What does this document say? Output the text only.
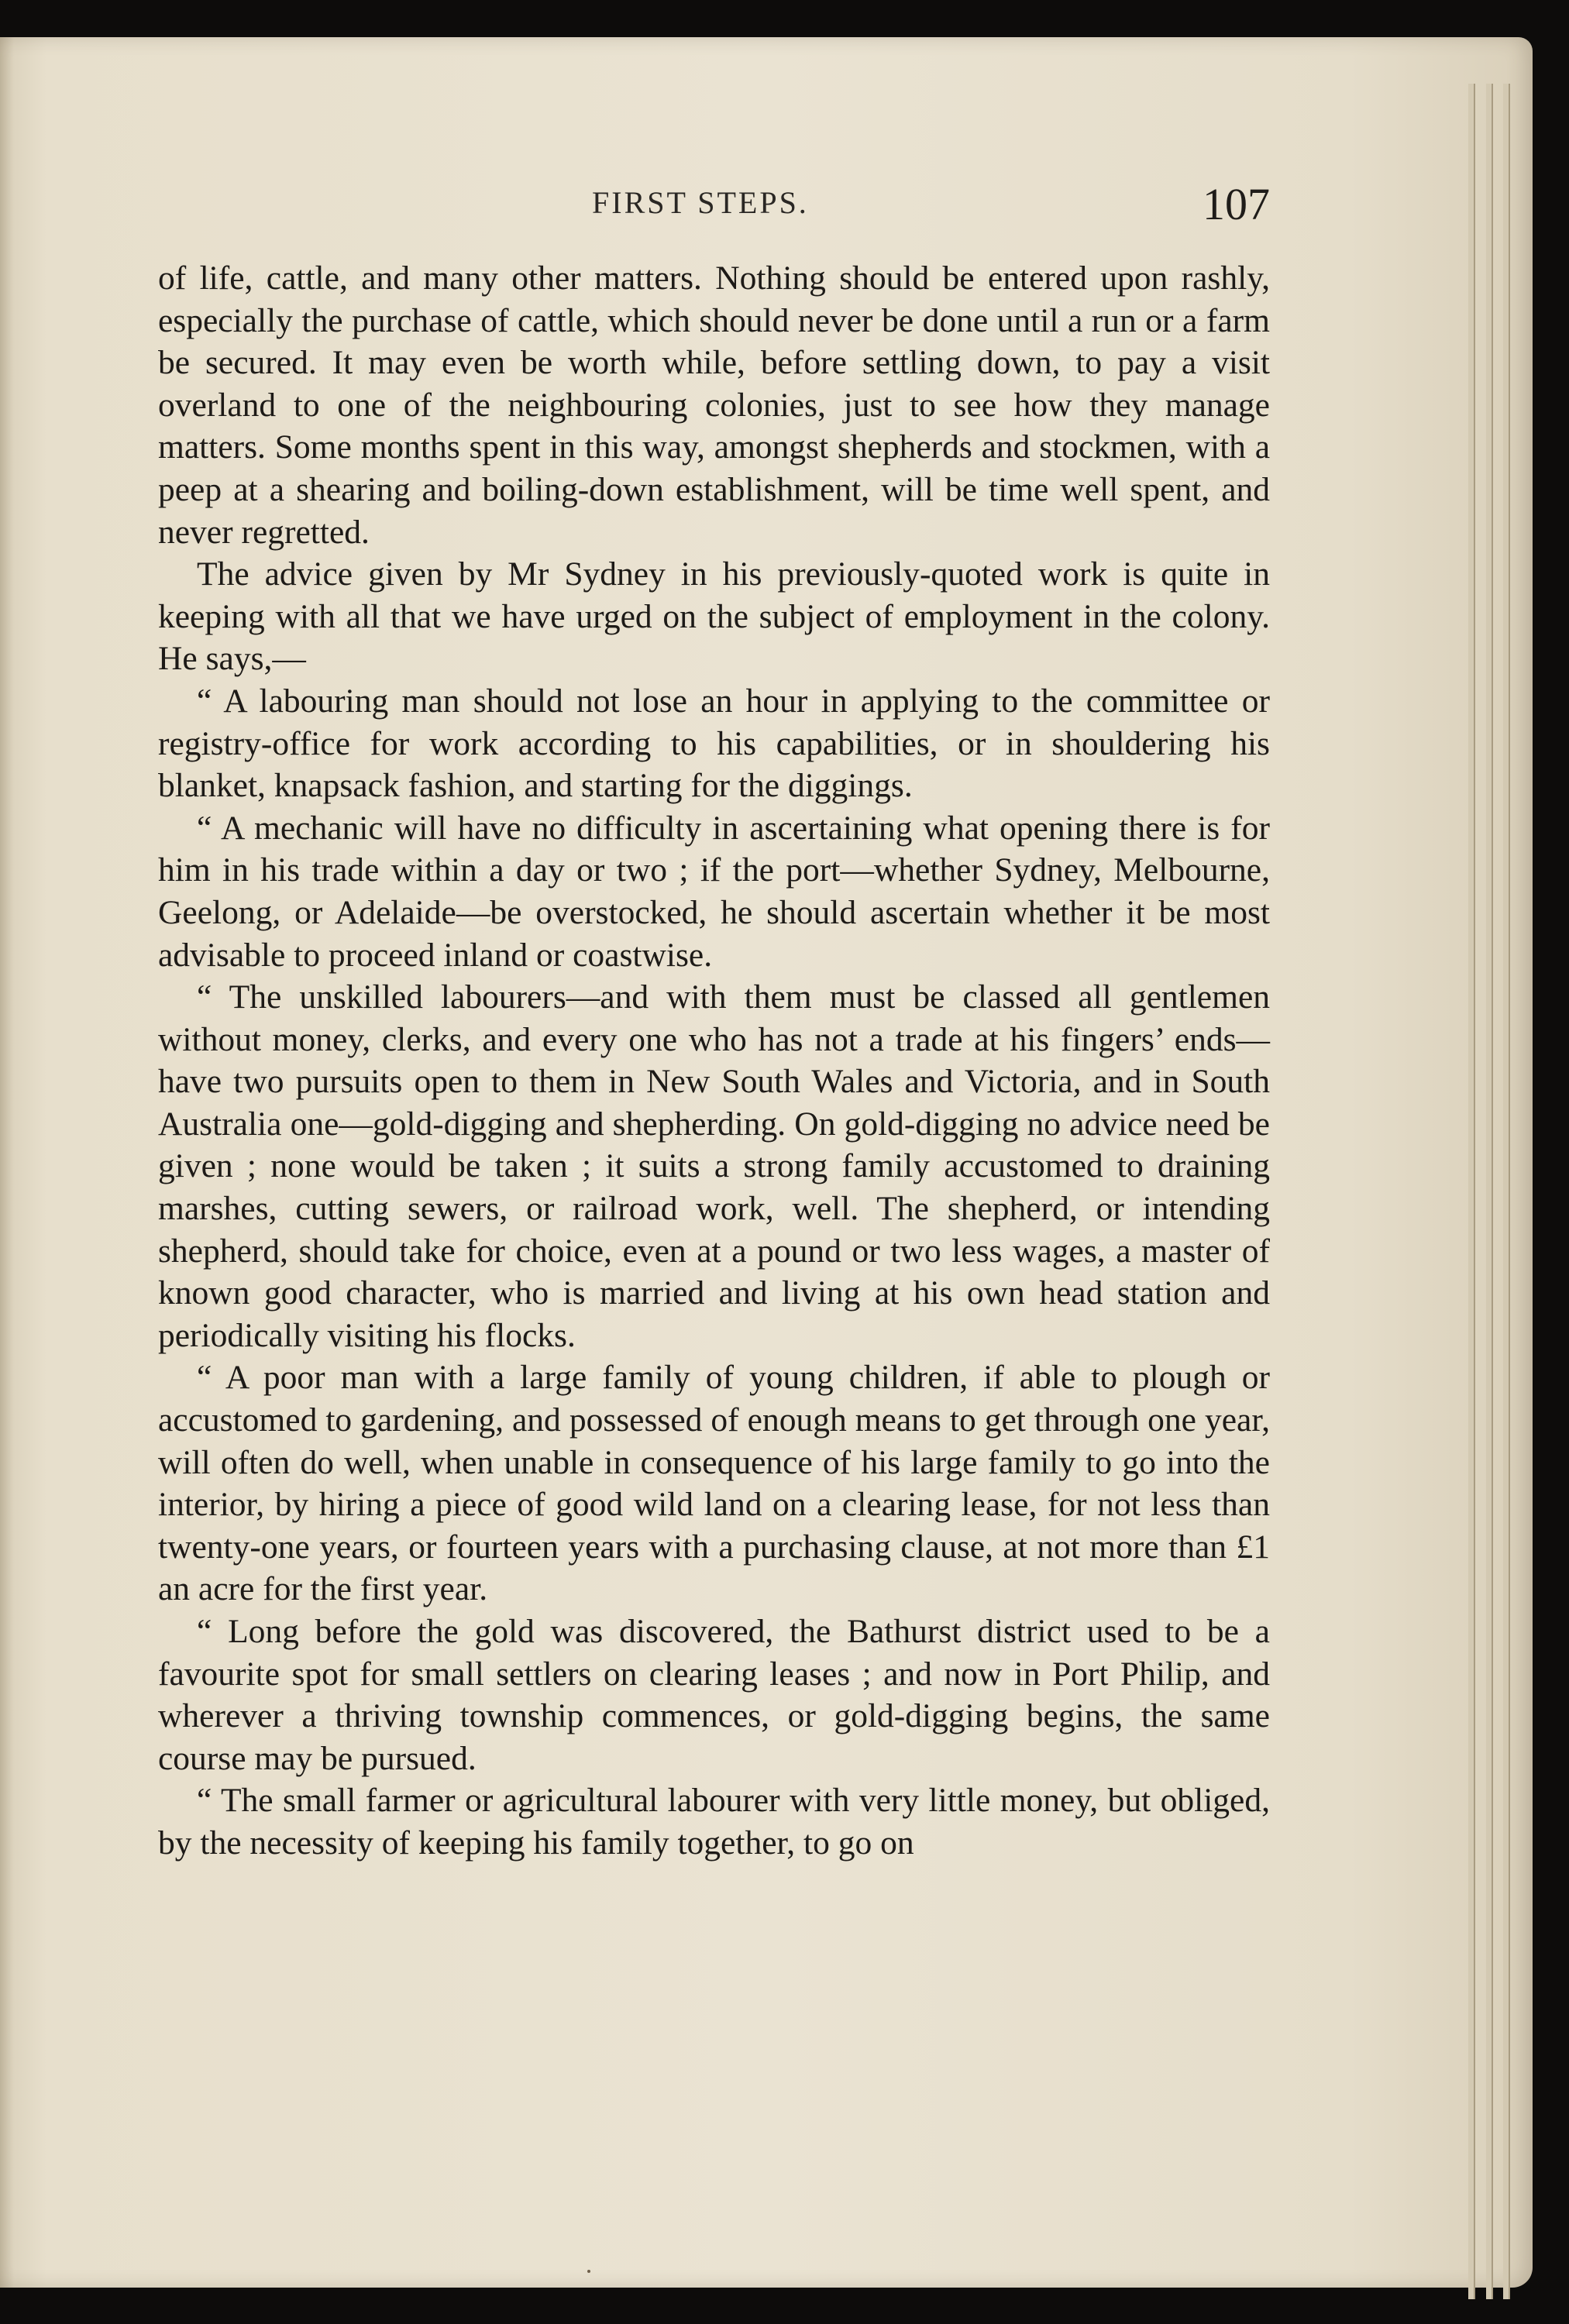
FIRST STEPS.	107

of life, cattle, and many other matters. Nothing should be entered upon rashly, especially the purchase of cattle, which should never be done until a run or a farm be secured. It may even be worth while, before settling down, to pay a visit overland to one of the neighbouring colonies, just to see how they manage matters. Some months spent in this way, amongst shepherds and stockmen, with a peep at a shearing and boiling-down establishment, will be time well spent, and never regretted.

The advice given by Mr Sydney in his previously-quoted work is quite in keeping with all that we have urged on the subject of employment in the colony. He says,—

“ A labouring man should not lose an hour in applying to the committee or registry-office for work according to his capabilities, or in shouldering his blanket, knapsack fashion, and starting for the diggings.

“ A mechanic will have no difficulty in ascertaining what opening there is for him in his trade within a day or two ; if the port—whether Sydney, Melbourne, Geelong, or Adelaide—be overstocked, he should ascertain whether it be most advisable to proceed inland or coastwise.

“ The unskilled labourers—and with them must be classed all gentlemen without money, clerks, and every one who has not a trade at his fingers’ ends—have two pursuits open to them in New South Wales and Victoria, and in South Australia one—gold-digging and shepherding. On gold-digging no advice need be given ; none would be taken ; it suits a strong family accustomed to draining marshes, cutting sewers, or railroad work, well. The shepherd, or intending shepherd, should take for choice, even at a pound or two less wages, a master of known good character, who is married and living at his own head station and periodically visiting his flocks.

“ A poor man with a large family of young children, if able to plough or accustomed to gardening, and possessed of enough means to get through one year, will often do well, when unable in consequence of his large family to go into the interior, by hiring a piece of good wild land on a clearing lease, for not less than twenty-one years, or fourteen years with a purchasing clause, at not more than £1 an acre for the first year.

“ Long before the gold was discovered, the Bathurst district used to be a favourite spot for small settlers on clearing leases ; and now in Port Philip, and wherever a thriving township commences, or gold-digging begins, the same course may be pursued.

“ The small farmer or agricultural labourer with very little money, but obliged, by the necessity of keeping his family together, to go on
